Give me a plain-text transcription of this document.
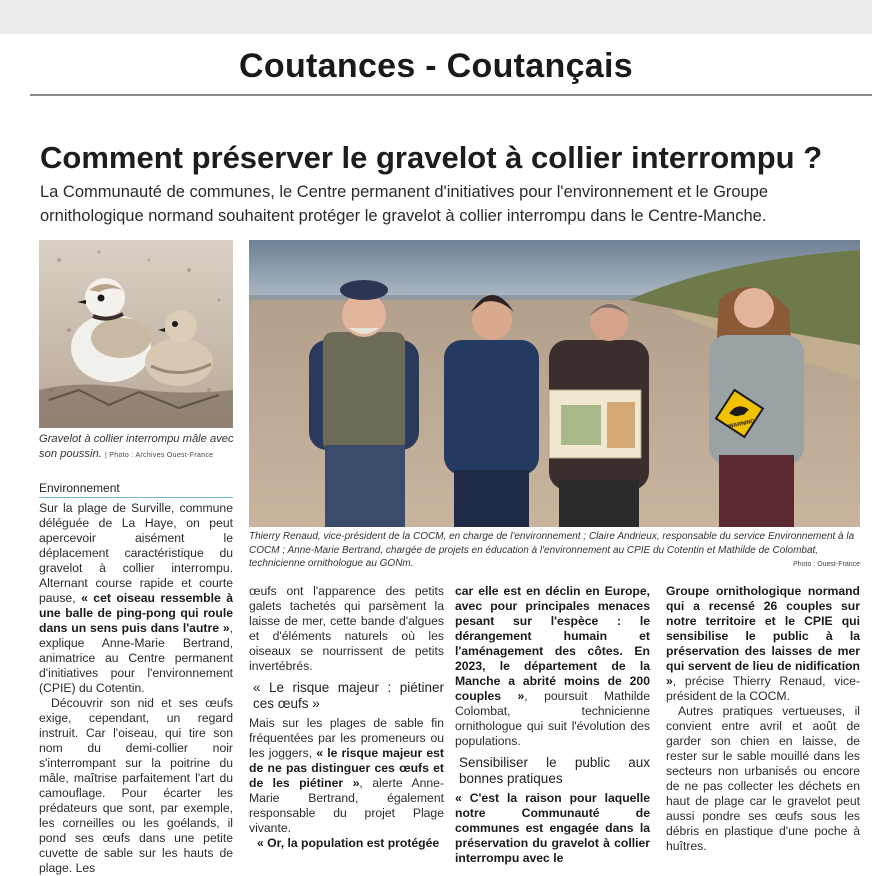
Coutances - Coutançais
Comment préserver le gravelot à collier interrompu ?
La Communauté de communes, le Centre permanent d'initiatives pour l'environnement et le Groupe ornithologique normand souhaitent protéger le gravelot à collier interrompu dans le Centre-Manche.
Gravelot à collier interrompu mâle avec son poussin. | Photo : Archives Ouest-France
WARNING
Thierry Renaud, vice-président de la COCM, en charge de l'environnement ; Claire Andrieux, responsable du service Environnement à la COCM ; Anne-Marie Bertrand, chargée de projets en éducation à l'environnement au CPIE du Cotentin et Mathilde de Colombat, technicienne ornithologue au GONm.	Photo : Ouest-France
Environnement

Sur la plage de Surville, commune déléguée de La Haye, on peut apercevoir aisément le déplacement caractéristique du gravelot à collier interrompu. Alternant course rapide et courte pause, « cet oiseau ressemble à une balle de ping-pong qui roule dans un sens puis dans l'autre », explique Anne-Marie Bertrand, animatrice au Centre permanent d'initiatives pour l'environnement (CPIE) du Cotentin.

Découvrir son nid et ses œufs exige, cependant, un regard instruit. Car l'oiseau, qui tire son nom du demi-collier noir s'interrompant sur la poitrine du mâle, maîtrise parfaitement l'art du camouflage. Pour écarter les prédateurs que sont, par exemple, les corneilles ou les goélands, il pond ses œufs dans une petite cuvette de sable sur les hauts de plage. Les

œufs ont l'apparence des petits galets tachetés qui parsèment la laisse de mer, cette bande d'algues et d'éléments naturels où les oiseaux se nourrissent de petits invertébrés.

« Le risque majeur : piétiner ces œufs »

Mais sur les plages de sable fin fréquentées par les promeneurs ou les joggers, « le risque majeur est de ne pas distinguer ces œufs et de les piétiner », alerte Anne-Marie Bertrand, également responsable du projet Plage vivante.

« Or, la population est protégée

car elle est en déclin en Europe, avec pour principales menaces pesant sur l'espèce : le dérangement humain et l'aménagement des côtes. En 2023, le département de la Manche a abrité moins de 200 couples », poursuit Mathilde Colombat, technicienne ornithologue qui suit l'évolution des populations.

Sensibiliser le public aux bonnes pratiques

« C'est la raison pour laquelle notre Communauté de communes est engagée dans la préservation du gravelot à collier interrompu avec le

Groupe ornithologique normand qui a recensé 26 couples sur notre territoire et le CPIE qui sensibilise le public à la préservation des laisses de mer qui servent de lieu de nidification », précise Thierry Renaud, vice-président de la COCM.

Autres pratiques vertueuses, il convient entre avril et août de garder son chien en laisse, de rester sur le sable mouillé dans les secteurs non urbanisés ou encore de ne pas collecter les déchets en haut de plage car le gravelot peut aussi pondre ses œufs sous les débris en plastique d'une poche à huîtres.
